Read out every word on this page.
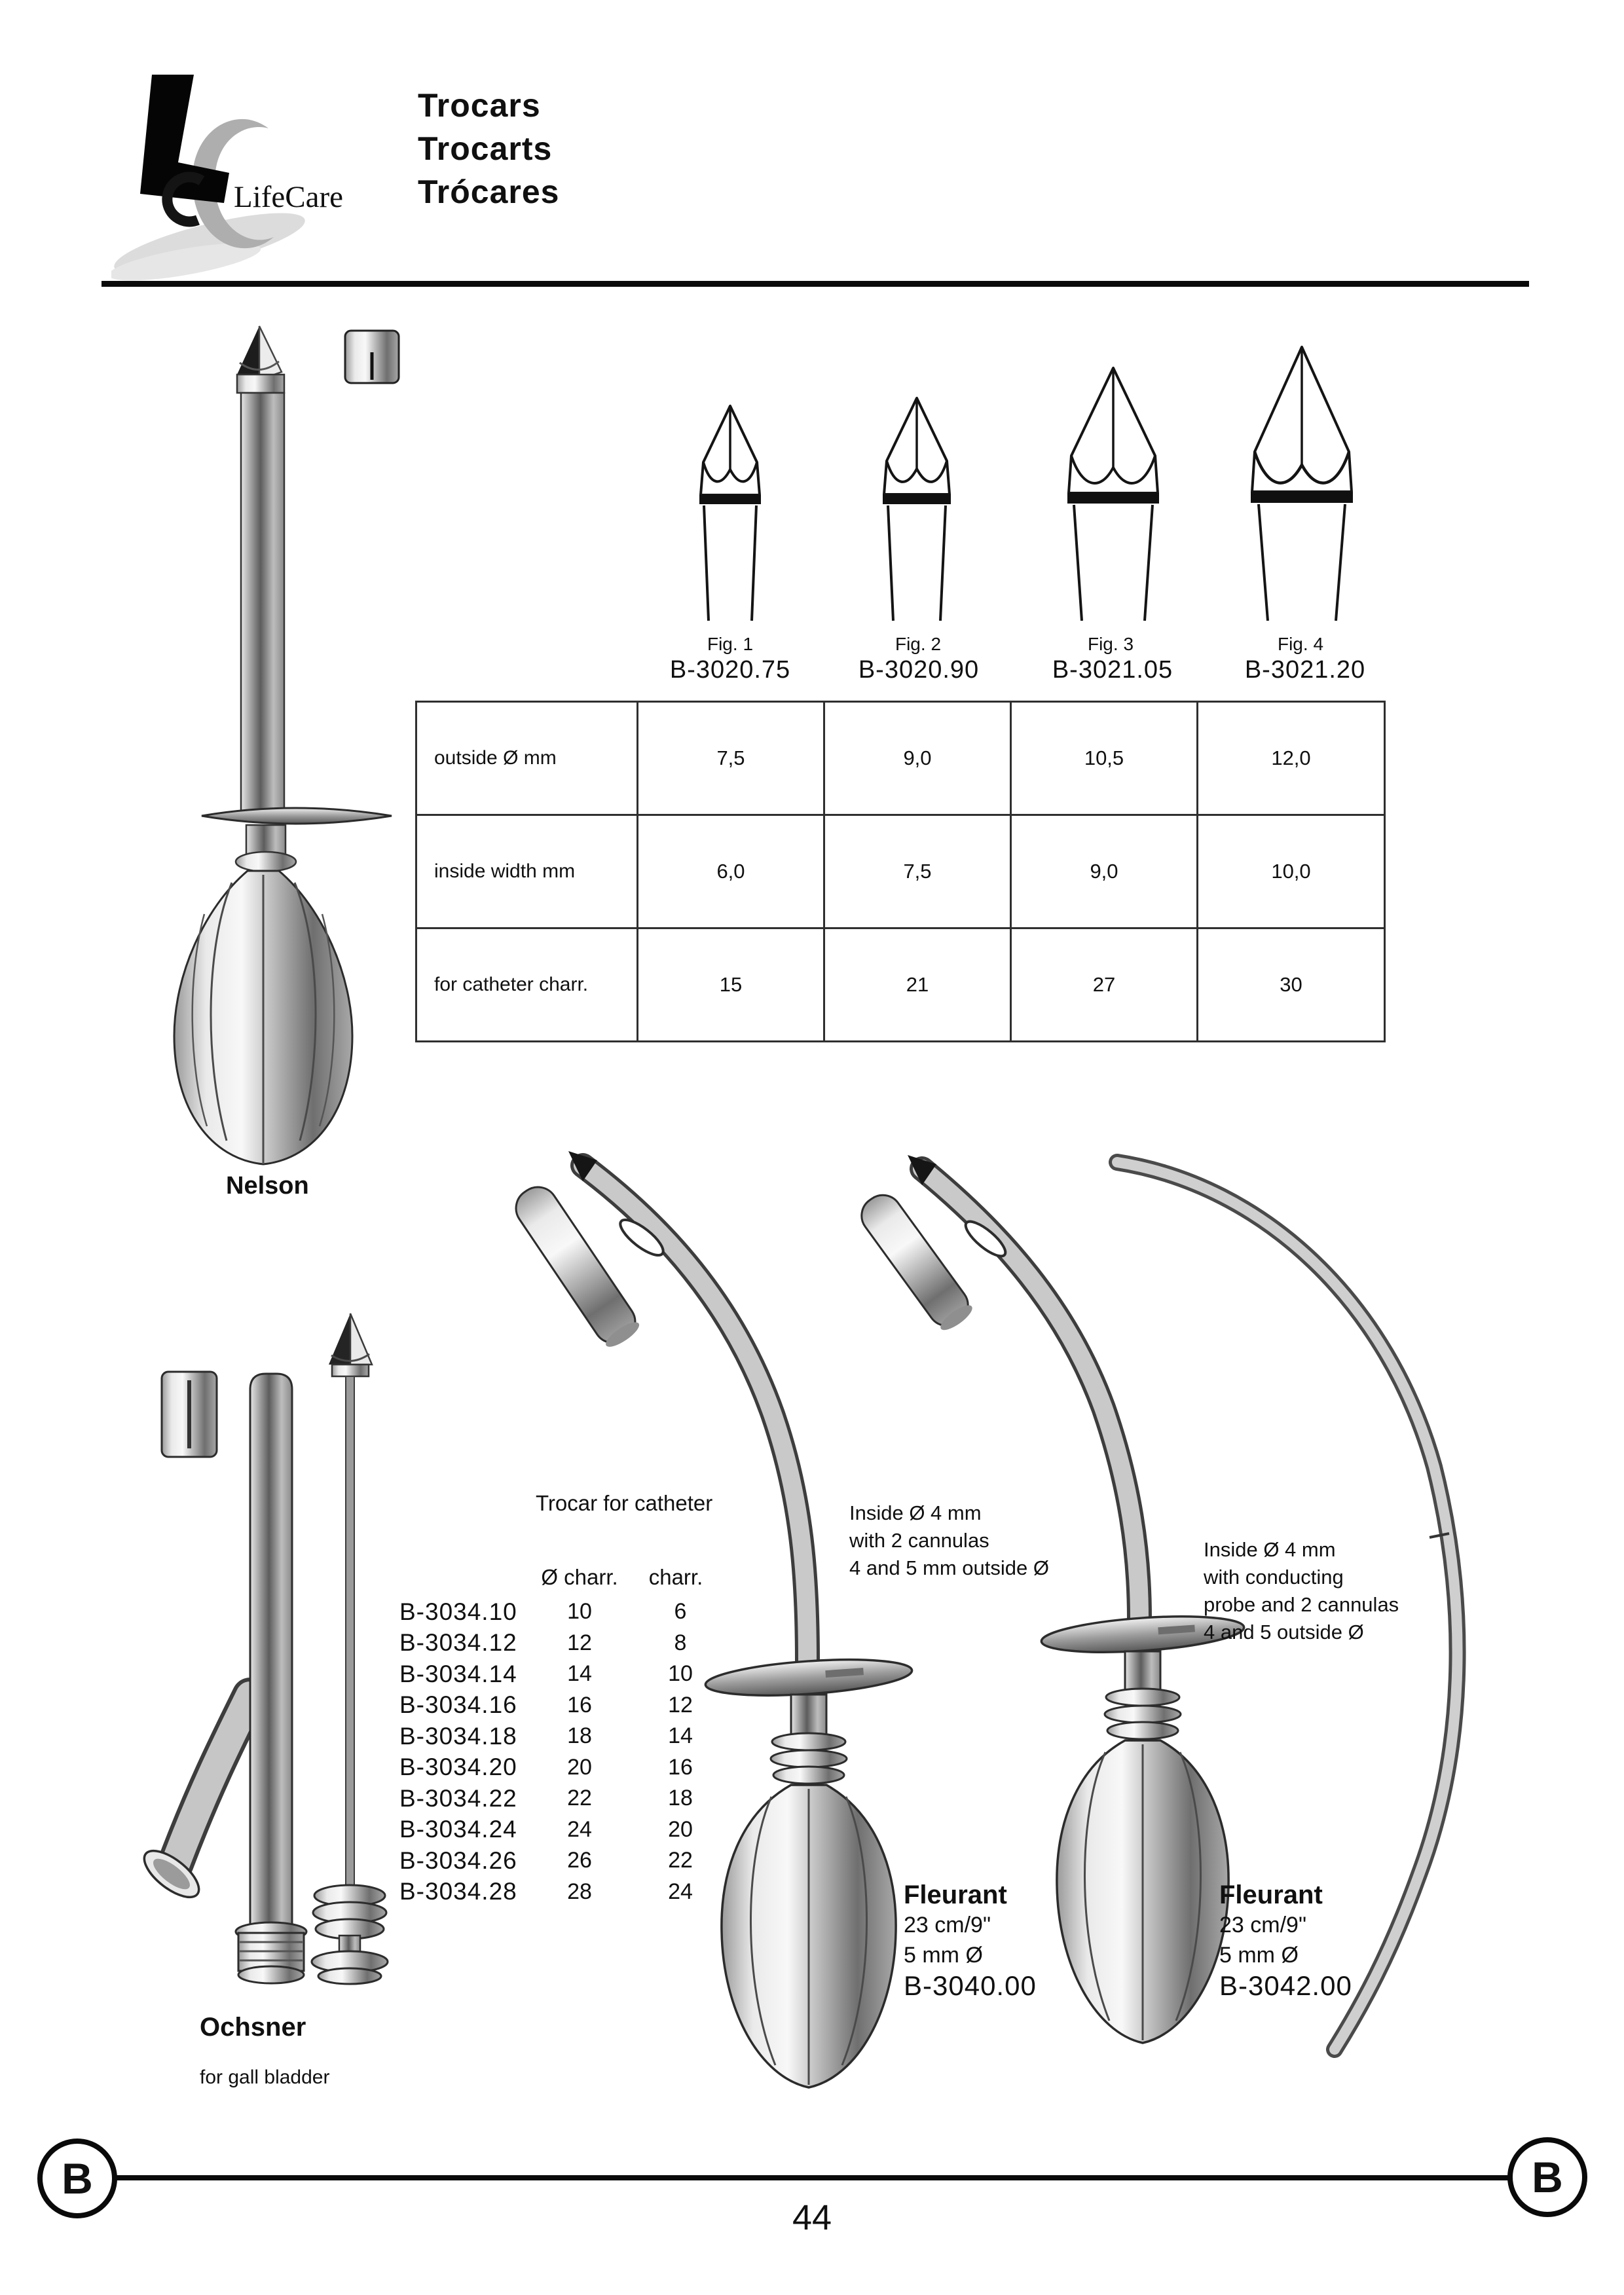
LifeCare
Trocars
Trocarts
Trócares
Nelson
Fig. 1
B-3020.75
Fig. 2
B-3020.90
Fig. 3
B-3021.05
Fig. 4
B-3021.20
outside Ø mm	7,5	9,0	10,5	12,0
inside width mm	6,0	7,5	9,0	10,0
for catheter charr.	15	21	27	30
Ochsner
for gall bladder
Trocar for catheter
Ø charr.	charr.
B-3034.10	10	6
B-3034.12	12	8
B-3034.14	14	10
B-3034.16	16	12
B-3034.18	18	14
B-3034.20	20	16
B-3034.22	22	18
B-3034.24	24	20
B-3034.26	26	22
B-3034.28	28	24
Inside Ø 4 mm
with 2 cannulas
4 and 5 mm outside Ø
Inside Ø 4 mm
with conducting
probe and 2 cannulas
4 and 5 outside Ø
Fleurant
23 cm/9"
5 mm Ø
B-3040.00
Fleurant
23 cm/9"
5 mm Ø
B-3042.00
B	B
44
